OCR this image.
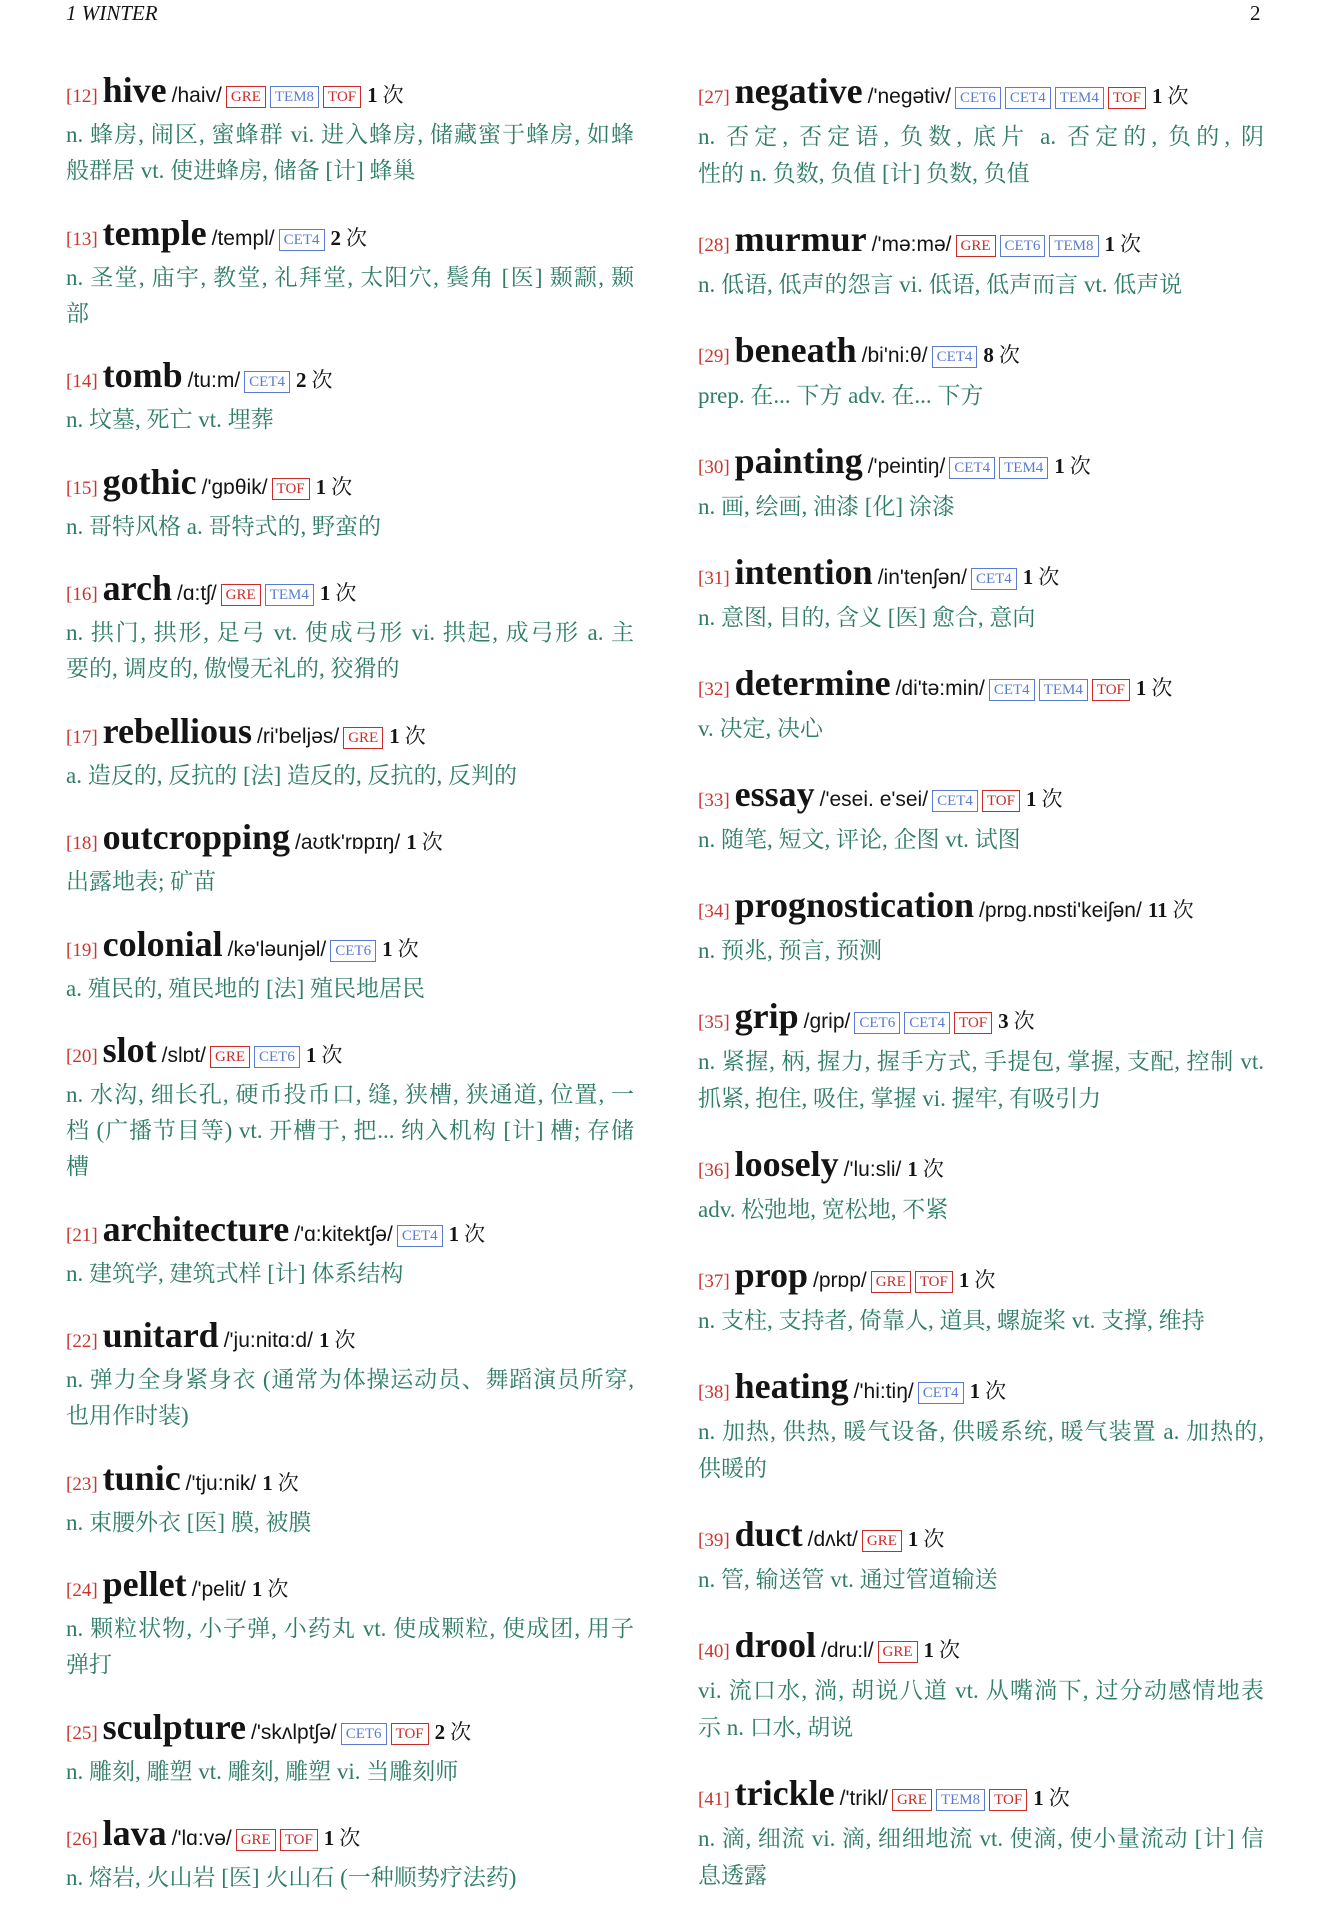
1 WINTER	2
[12] hive /haiv/ GRE TEM8 TOF 1 次
n. 蜂房, 闹区, 蜜蜂群 vi. 进入蜂房, 储藏蜜于蜂房, 如蜂
般群居 vt. 使进蜂房, 储备 [计] 蜂巢
[13] temple /templ/ CET4 2 次
n. 圣堂, 庙宇, 教堂, 礼拜堂, 太阳穴, 鬓角 [医] 颞颥, 颞
部
[14] tomb /tu:m/ CET4 2 次
n. 坟墓, 死亡 vt. 埋葬
[15] gothic /'gɒθik/ TOF 1 次
n. 哥特风格 a. 哥特式的, 野蛮的
[16] arch /ɑ:tʃ/ GRE TEM4 1 次
n. 拱门, 拱形, 足弓 vt. 使成弓形 vi. 拱起, 成弓形 a. 主
要的, 调皮的, 傲慢无礼的, 狡猾的
[17] rebellious /ri'beljəs/ GRE 1 次
a. 造反的, 反抗的 [法] 造反的, 反抗的, 反判的
[18] outcropping /aʊtk'rɒpɪŋ/ 1 次
出露地表; 矿苗
[19] colonial /kə'ləunjəl/ CET6 1 次
a. 殖民的, 殖民地的 [法] 殖民地居民
[20] slot /slɒt/ GRE CET6 1 次
n. 水沟, 细长孔, 硬币投币口, 缝, 狭槽, 狭通道, 位置, 一
档 (广播节目等) vt. 开槽于, 把... 纳入机构 [计] 槽; 存储
槽
[21] architecture /'ɑ:kitektʃə/ CET4 1 次
n. 建筑学, 建筑式样 [计] 体系结构
[22] unitard /'ju:nitɑ:d/ 1 次
n. 弹力全身紧身衣 (通常为体操运动员、舞蹈演员所穿,
也用作时装)
[23] tunic /'tju:nik/ 1 次
n. 束腰外衣 [医] 膜, 被膜
[24] pellet /'pelit/ 1 次
n. 颗粒状物, 小子弹, 小药丸 vt. 使成颗粒, 使成团, 用子
弹打
[25] sculpture /'skʌlptʃə/ CET6 TOF 2 次
n. 雕刻, 雕塑 vt. 雕刻, 雕塑 vi. 当雕刻师
[26] lava /'lɑ:və/ GRE TOF 1 次
n. 熔岩, 火山岩 [医] 火山石 (一种顺势疗法药)
[27] negative /'negətiv/ CET6 CET4 TEM4 TOF 1 次
n. 否定, 否定语, 负数, 底片 a. 否定的, 负的, 阴
性的 n. 负数, 负值 [计] 负数, 负值
[28] murmur /'mə:mə/ GRE CET6 TEM8 1 次
n. 低语, 低声的怨言 vi. 低语, 低声而言 vt. 低声说
[29] beneath /bi'ni:θ/ CET4 8 次
prep. 在... 下方 adv. 在... 下方
[30] painting /'peintiŋ/ CET4 TEM4 1 次
n. 画, 绘画, 油漆 [化] 涂漆
[31] intention /in'tenʃən/ CET4 1 次
n. 意图, 目的, 含义 [医] 愈合, 意向
[32] determine /di'tə:min/ CET4 TEM4 TOF 1 次
v. 决定, 决心
[33] essay /'esei. e'sei/ CET4 TOF 1 次
n. 随笔, 短文, 评论, 企图 vt. 试图
[34] prognostication /prɒg.nɒsti'keiʃən/ 11 次
n. 预兆, 预言, 预测
[35] grip /grip/ CET6 CET4 TOF 3 次
n. 紧握, 柄, 握力, 握手方式, 手提包, 掌握, 支配, 控制 vt.
抓紧, 抱住, 吸住, 掌握 vi. 握牢, 有吸引力
[36] loosely /'lu:sli/ 1 次
adv. 松弛地, 宽松地, 不紧
[37] prop /prɒp/ GRE TOF 1 次
n. 支柱, 支持者, 倚靠人, 道具, 螺旋桨 vt. 支撑, 维持
[38] heating /'hi:tiŋ/ CET4 1 次
n. 加热, 供热, 暖气设备, 供暖系统, 暖气装置 a. 加热的,
供暖的
[39] duct /dʌkt/ GRE 1 次
n. 管, 输送管 vt. 通过管道输送
[40] drool /dru:l/ GRE 1 次
vi. 流口水, 淌, 胡说八道 vt. 从嘴淌下, 过分动感情地表
示 n. 口水, 胡说
[41] trickle /'trikl/ GRE TEM8 TOF 1 次
n. 滴, 细流 vi. 滴, 细细地流 vt. 使滴, 使小量流动 [计] 信
息透露
